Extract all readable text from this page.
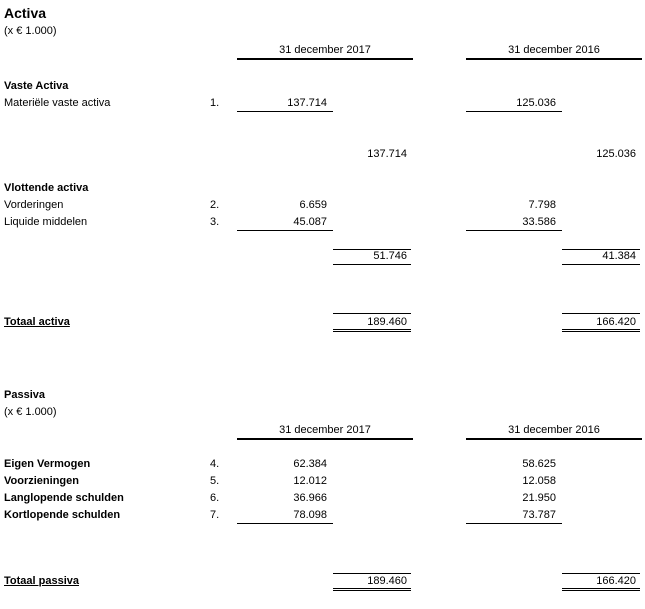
Activa
(x € 1.000)
31 december 2017	31 december 2016
Vaste Activa
Materiële vaste activa	1.	137.714	125.036
137.714	125.036
Vlottende activa
Vorderingen	2.	6.659	7.798
Liquide middelen	3.	45.087	33.586
51.746	41.384
Totaal activa	189.460	166.420
Passiva
(x € 1.000)
31 december 2017	31 december 2016
Eigen Vermogen	4.	62.384	58.625
Voorzieningen	5.	12.012	12.058
Langlopende schulden	6.	36.966	21.950
Kortlopende schulden	7.	78.098	73.787
Totaal passiva	189.460	166.420
